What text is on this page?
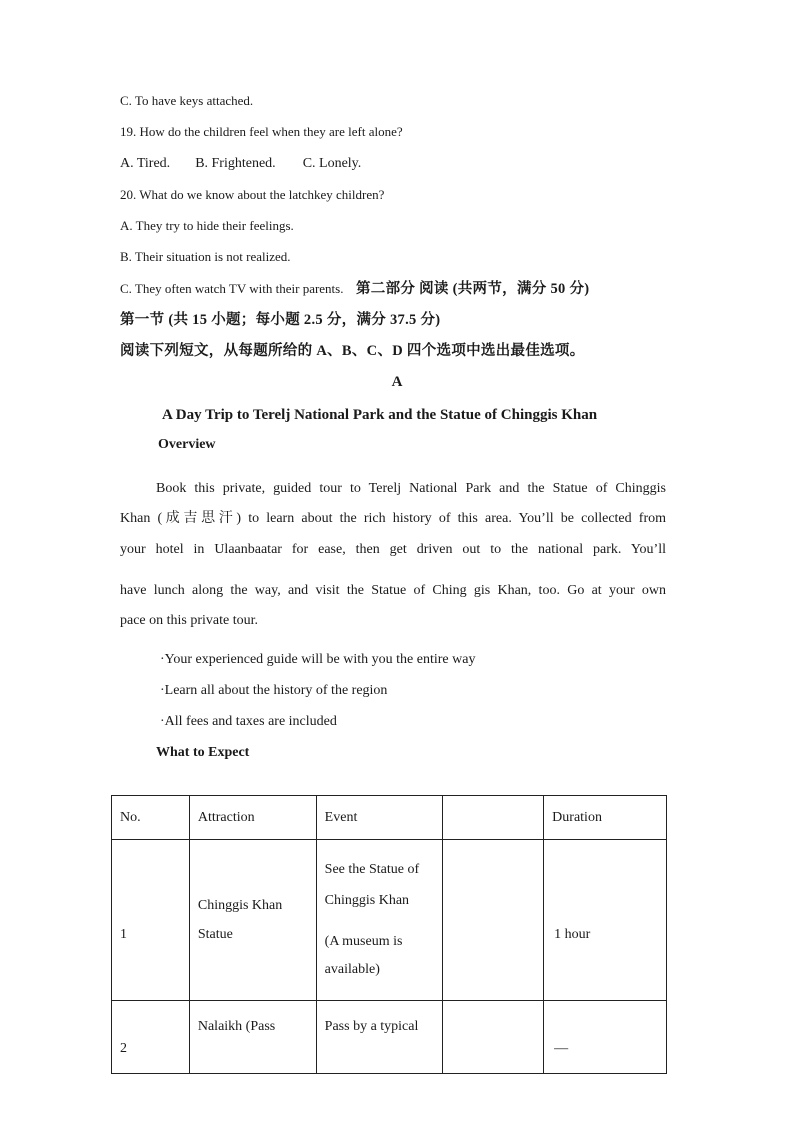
C. To have keys attached.
19. How do the children feel when they are left alone?
A. Tired. B. Frightened. C. Lonely.
20. What do we know about the latchkey children?
A. They try to hide their feelings.
B. Their situation is not realized.
C. They often watch TV with their parents. 第二部分 阅读 (共两节，满分 50 分)
第一节 (共 15 小题；每小题 2.5 分，满分 37.5 分)
阅读下列短文，从每题所给的 A、B、C、D 四个选项中选出最佳选项。
A
A Day Trip to Terelj National Park and the Statue of Chinggis Khan
Overview
Book this private, guided tour to Terelj National Park and the Statue of Chinggis
Khan (成吉思汗) to learn about the rich history of this area. You’ll be collected from
your hotel in Ulaanbaatar for ease, then get driven out to the national park. You’ll
have lunch along the way, and visit the Statue of Ching gis Khan, too. Go at your own
pace on this private tour.
·Your experienced guide will be with you the entire way
·Learn all about the history of the region
·All fees and taxes are included
What to Expect
No.	Attraction	Event		Duration
1	Chinggis Khan
Statue	See the Statue of
Chinggis Khan
(A museum is
available)		1 hour
2	Nalaikh (Pass	Pass by a typical		—
